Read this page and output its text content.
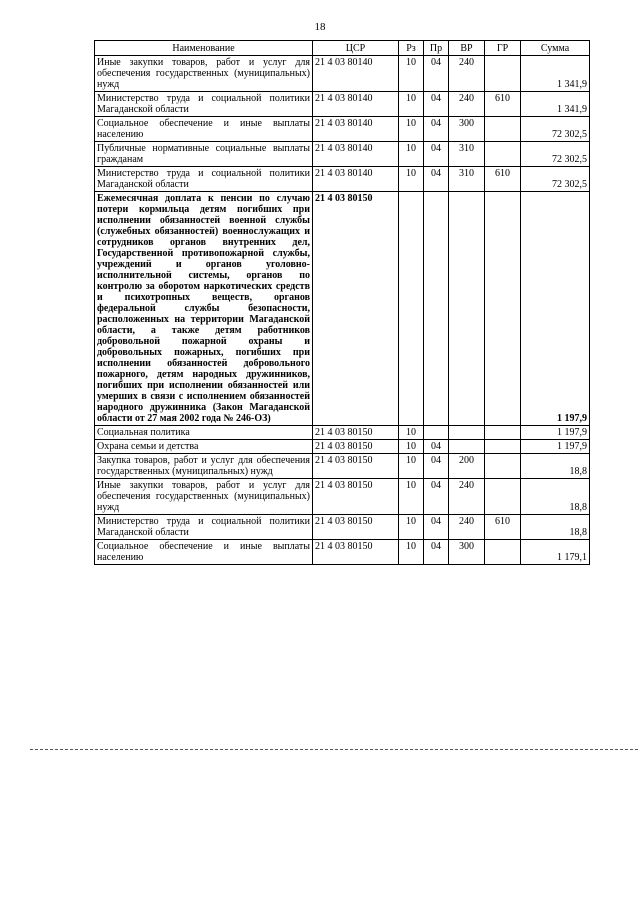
18
Наименование	ЦСР	Рз	Пр	ВР	ГР	Сумма
Иные закупки товаров, работ и услуг для обеспечения государственных (муниципальных) нужд	21 4 03 80140	10	04	240		1 341,9
Министерство труда и социальной политики Магаданской области	21 4 03 80140	10	04	240	610	1 341,9
Социальное обеспечение и иные выплаты населению	21 4 03 80140	10	04	300		72 302,5
Публичные нормативные социальные выплаты гражданам	21 4 03 80140	10	04	310		72 302,5
Министерство труда и социальной политики Магаданской области	21 4 03 80140	10	04	310	610	72 302,5
Ежемесячная доплата к пенсии по случаю потери кормильца детям погибших при исполнении обязанностей военной службы (служебных обязанностей) военнослужащих и сотрудников органов внутренних дел, Государственной противопожарной службы, учреждений и органов уголовно-исполнительной системы, органов по контролю за оборотом наркотических средств и психотропных веществ, органов федеральной службы безопасности, расположенных на территории Магаданской области, а также детям работников добровольной пожарной охраны и добровольных пожарных, погибших при исполнении обязанностей добровольного пожарного, детям народных дружинников, погибших при исполнении обязанностей или умерших в связи с исполнением обязанностей народного дружинника (Закон Магаданской области от 27 мая 2002 года № 246-ОЗ)	21 4 03 80150					1 197,9
Социальная политика	21 4 03 80150	10				1 197,9
Охрана семьи и детства	21 4 03 80150	10	04			1 197,9
Закупка товаров, работ и услуг для обеспечения государственных (муниципальных) нужд	21 4 03 80150	10	04	200		18,8
Иные закупки товаров, работ и услуг для обеспечения государственных (муниципальных) нужд	21 4 03 80150	10	04	240		18,8
Министерство труда и социальной политики Магаданской области	21 4 03 80150	10	04	240	610	18,8
Социальное обеспечение и иные выплаты населению	21 4 03 80150	10	04	300		1 179,1
